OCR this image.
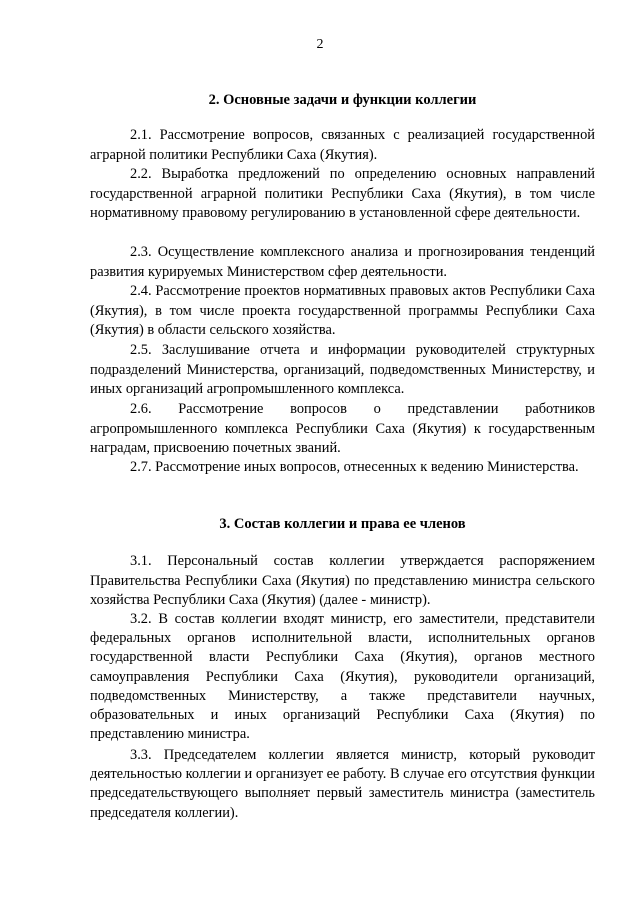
2
2. Основные задачи и функции коллегии

2.1. Рассмотрение вопросов, связанных с реализацией государственной аграрной политики Республики Саха (Якутия).

2.2. Выработка предложений по определению основных направлений государственной аграрной политики Республики Саха (Якутия), в том числе нормативному правовому регулированию в установленной сфере деятельности.

2.3. Осуществление комплексного анализа и прогнозирования тенденций развития курируемых Министерством сфер деятельности.

2.4. Рассмотрение проектов нормативных правовых актов Республики Саха (Якутия), в том числе проекта государственной программы Республики Саха (Якутия) в области сельского хозяйства.

2.5. Заслушивание отчета и информации руководителей структурных подразделений Министерства, организаций, подведомственных Министерству, и иных организаций агропромышленного комплекса.

2.6. Рассмотрение вопросов о представлении работников агропромышленного комплекса Республики Саха (Якутия) к государственным наградам, присвоению почетных званий.

2.7. Рассмотрение иных вопросов, отнесенных к ведению Министерства.

3. Состав коллегии и права ее членов

3.1. Персональный состав коллегии утверждается распоряжением Правительства Республики Саха (Якутия) по представлению министра сельского хозяйства Республики Саха (Якутия) (далее - министр).

3.2. В состав коллегии входят министр, его заместители, представители федеральных органов исполнительной власти, исполнительных органов государственной власти Республики Саха (Якутия), органов местного самоуправления Республики Саха (Якутия), руководители организаций, подведомственных Министерству, а также представители научных, образовательных и иных организаций Республики Саха (Якутия) по представлению министра.

3.3. Председателем коллегии является министр, который руководит деятельностью коллегии и организует ее работу. В случае его отсутствия функции председательствующего выполняет первый заместитель министра (заместитель председателя коллегии).
